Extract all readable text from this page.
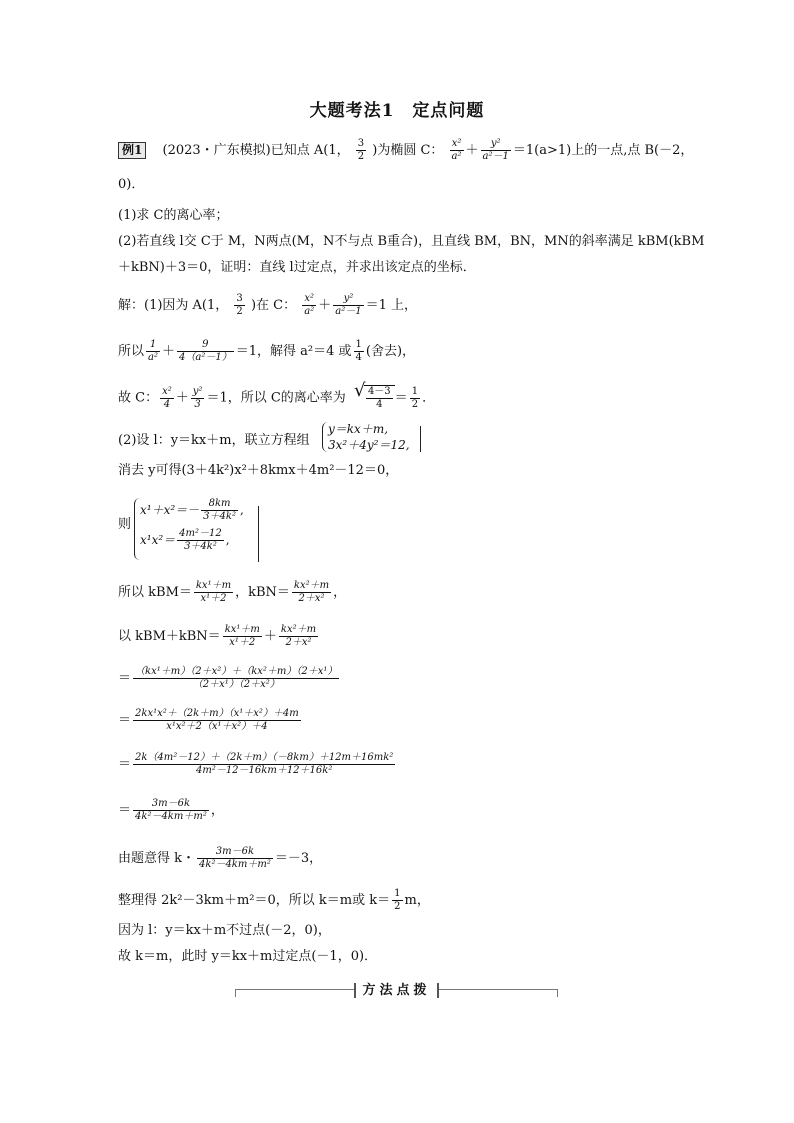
大题考法1　定点问题
例1 (2023・广东模拟)已知点 A(1， $\frac{3}{2}$ )为椭圆 C： $\frac{\text{x²}}{\text{a²}} + \frac{\text{y²}}{\text{a²－1}} =1(a>1)$上的一点,点 B(－2，
0)．
(1)求 C的离心率；
(2)若直线 l交 C于 M，N两点(M，N不与点 B重合)，且直线 BM，BN，MN的斜率满足 kBM(kBM
＋kBN)＋3＝0，证明：直线 l过定点，并求出该定点的坐标．
解：(1)因为 A(1， $\frac{3}{2}$ )在 C： $\frac{\text{x²}}{\text{a²}} + \frac{\text{y²}}{\text{a²－1}} =1$ 上，
所以 $\frac{1}{\text{a²}} + \frac{9}{\text{4（a²－1）}} =1$，解得 a²＝4 或 $\frac{1}{4}$ (舍去)，
故 C： $\frac{\text{x²}}{4} + \frac{\text{y²}}{3} =1$，所以 C的离心率为
√ $\frac{4-3}{4} = \frac{1}{2}$ ．
(2)设 l：y＝kx＋m，联立方程组
y＝kx＋m,
3x²＋4y²＝12,
消去 y可得(3＋4k²)x²＋8kmx＋4m²－12＝0，
则
$x^1+x^2=- \frac{8km}{\text{3＋4k²}}$ ,
$x^1x^2= \frac{\text{4m²－12}}{\text{3＋4k²}}$ ,
所以 $kBM= \frac{\text{kx¹＋m}}{\text{x¹＋2}}$ ，$kBN= \frac{\text{kx²＋m}}{\text{2＋x²}}$ ，
以 $kBM+kBN= \frac{\text{kx¹＋m}}{\text{x¹＋2}} + \frac{\text{kx²＋m}}{\text{2＋x²}}$
＝ $\frac{\text{（kx¹＋m）（2＋x²）＋（kx²＋m）（2＋x¹）}}{\text{（2＋x¹）（2＋x²）}}$
＝ $\frac{\text{2kx¹x²＋（2k＋m）（x¹＋x²）＋4m}}{\text{x¹x²＋2（x¹＋x²）＋4}}$
＝ $\frac{\text{2k（4m²－12）＋（2k＋m）（－8km）＋12m＋16mk²}}{\text{4m²－12－16km＋12＋16k²}}$
＝ $\frac{3m-6k}{\text{4k²－4km＋m²}}$ ，
由题意得 k・ $\frac{3m-6k}{\text{4k²－4km＋m²}} =-3$，
整理得 2k²－3km＋m²＝0，所以 k＝m或 $k= \frac{1}{2}$ m，
因为 l：y＝kx＋m不过点(－2，0)，
故 k＝m，此时 y＝kx＋m过定点(－1，0)．
方法点拨
